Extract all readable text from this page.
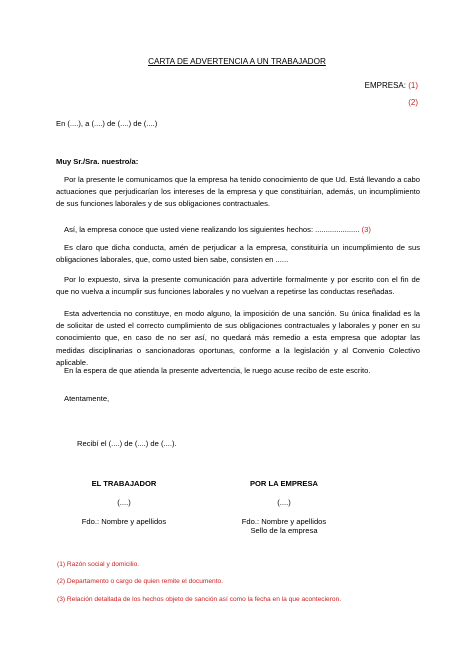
CARTA DE ADVERTENCIA A UN TRABAJADOR
EMPRESA: (1)
(2)
En (....), a (....) de (....) de (....)
Muy Sr./Sra. nuestro/a:
Por la presente le comunicamos que la empresa ha tenido conocimiento de que Ud. Está llevando a cabo actuaciones que perjudicarían los intereses de la empresa y que constituirían, además, un incumplimiento de sus funciones laborales y de sus obligaciones contractuales.
Así, la empresa conoce que usted viene realizando los siguientes hechos: ..................... (3)
Es claro que dicha conducta, amén de perjudicar a la empresa, constituiría un incumplimiento de sus obligaciones laborales, que, como usted bien sabe, consisten en ......
Por lo expuesto, sirva la presente comunicación para advertirle formalmente y por escrito con el fin de que no vuelva a incumplir sus funciones laborales y no vuelvan a repetirse las conductas reseñadas.
Esta advertencia no constituye, en modo alguno, la imposición de una sanción. Su única finalidad es la de solicitar de usted el correcto cumplimiento de sus obligaciones contractuales y laborales y poner en su conocimiento que, en caso de no ser así, no quedará más remedio a esta empresa que adoptar las medidas disciplinarias o sancionadoras oportunas, conforme a la legislación y al Convenio Colectivo aplicable.
En la espera de que atienda la presente advertencia, le ruego acuse recibo de este escrito.
Atentamente,
Recibí el (....) de (....) de (....).
EL TRABAJADOR
(....)
Fdo.: Nombre y apellidos
POR LA EMPRESA
(....)
Fdo.: Nombre y apellidos
Sello de la empresa
(1) Razón social y domicilio.
(2) Departamento o cargo de quien remite el documento.
(3) Relación detallada de los hechos objeto de sanción así como la fecha en la que acontecieron.
